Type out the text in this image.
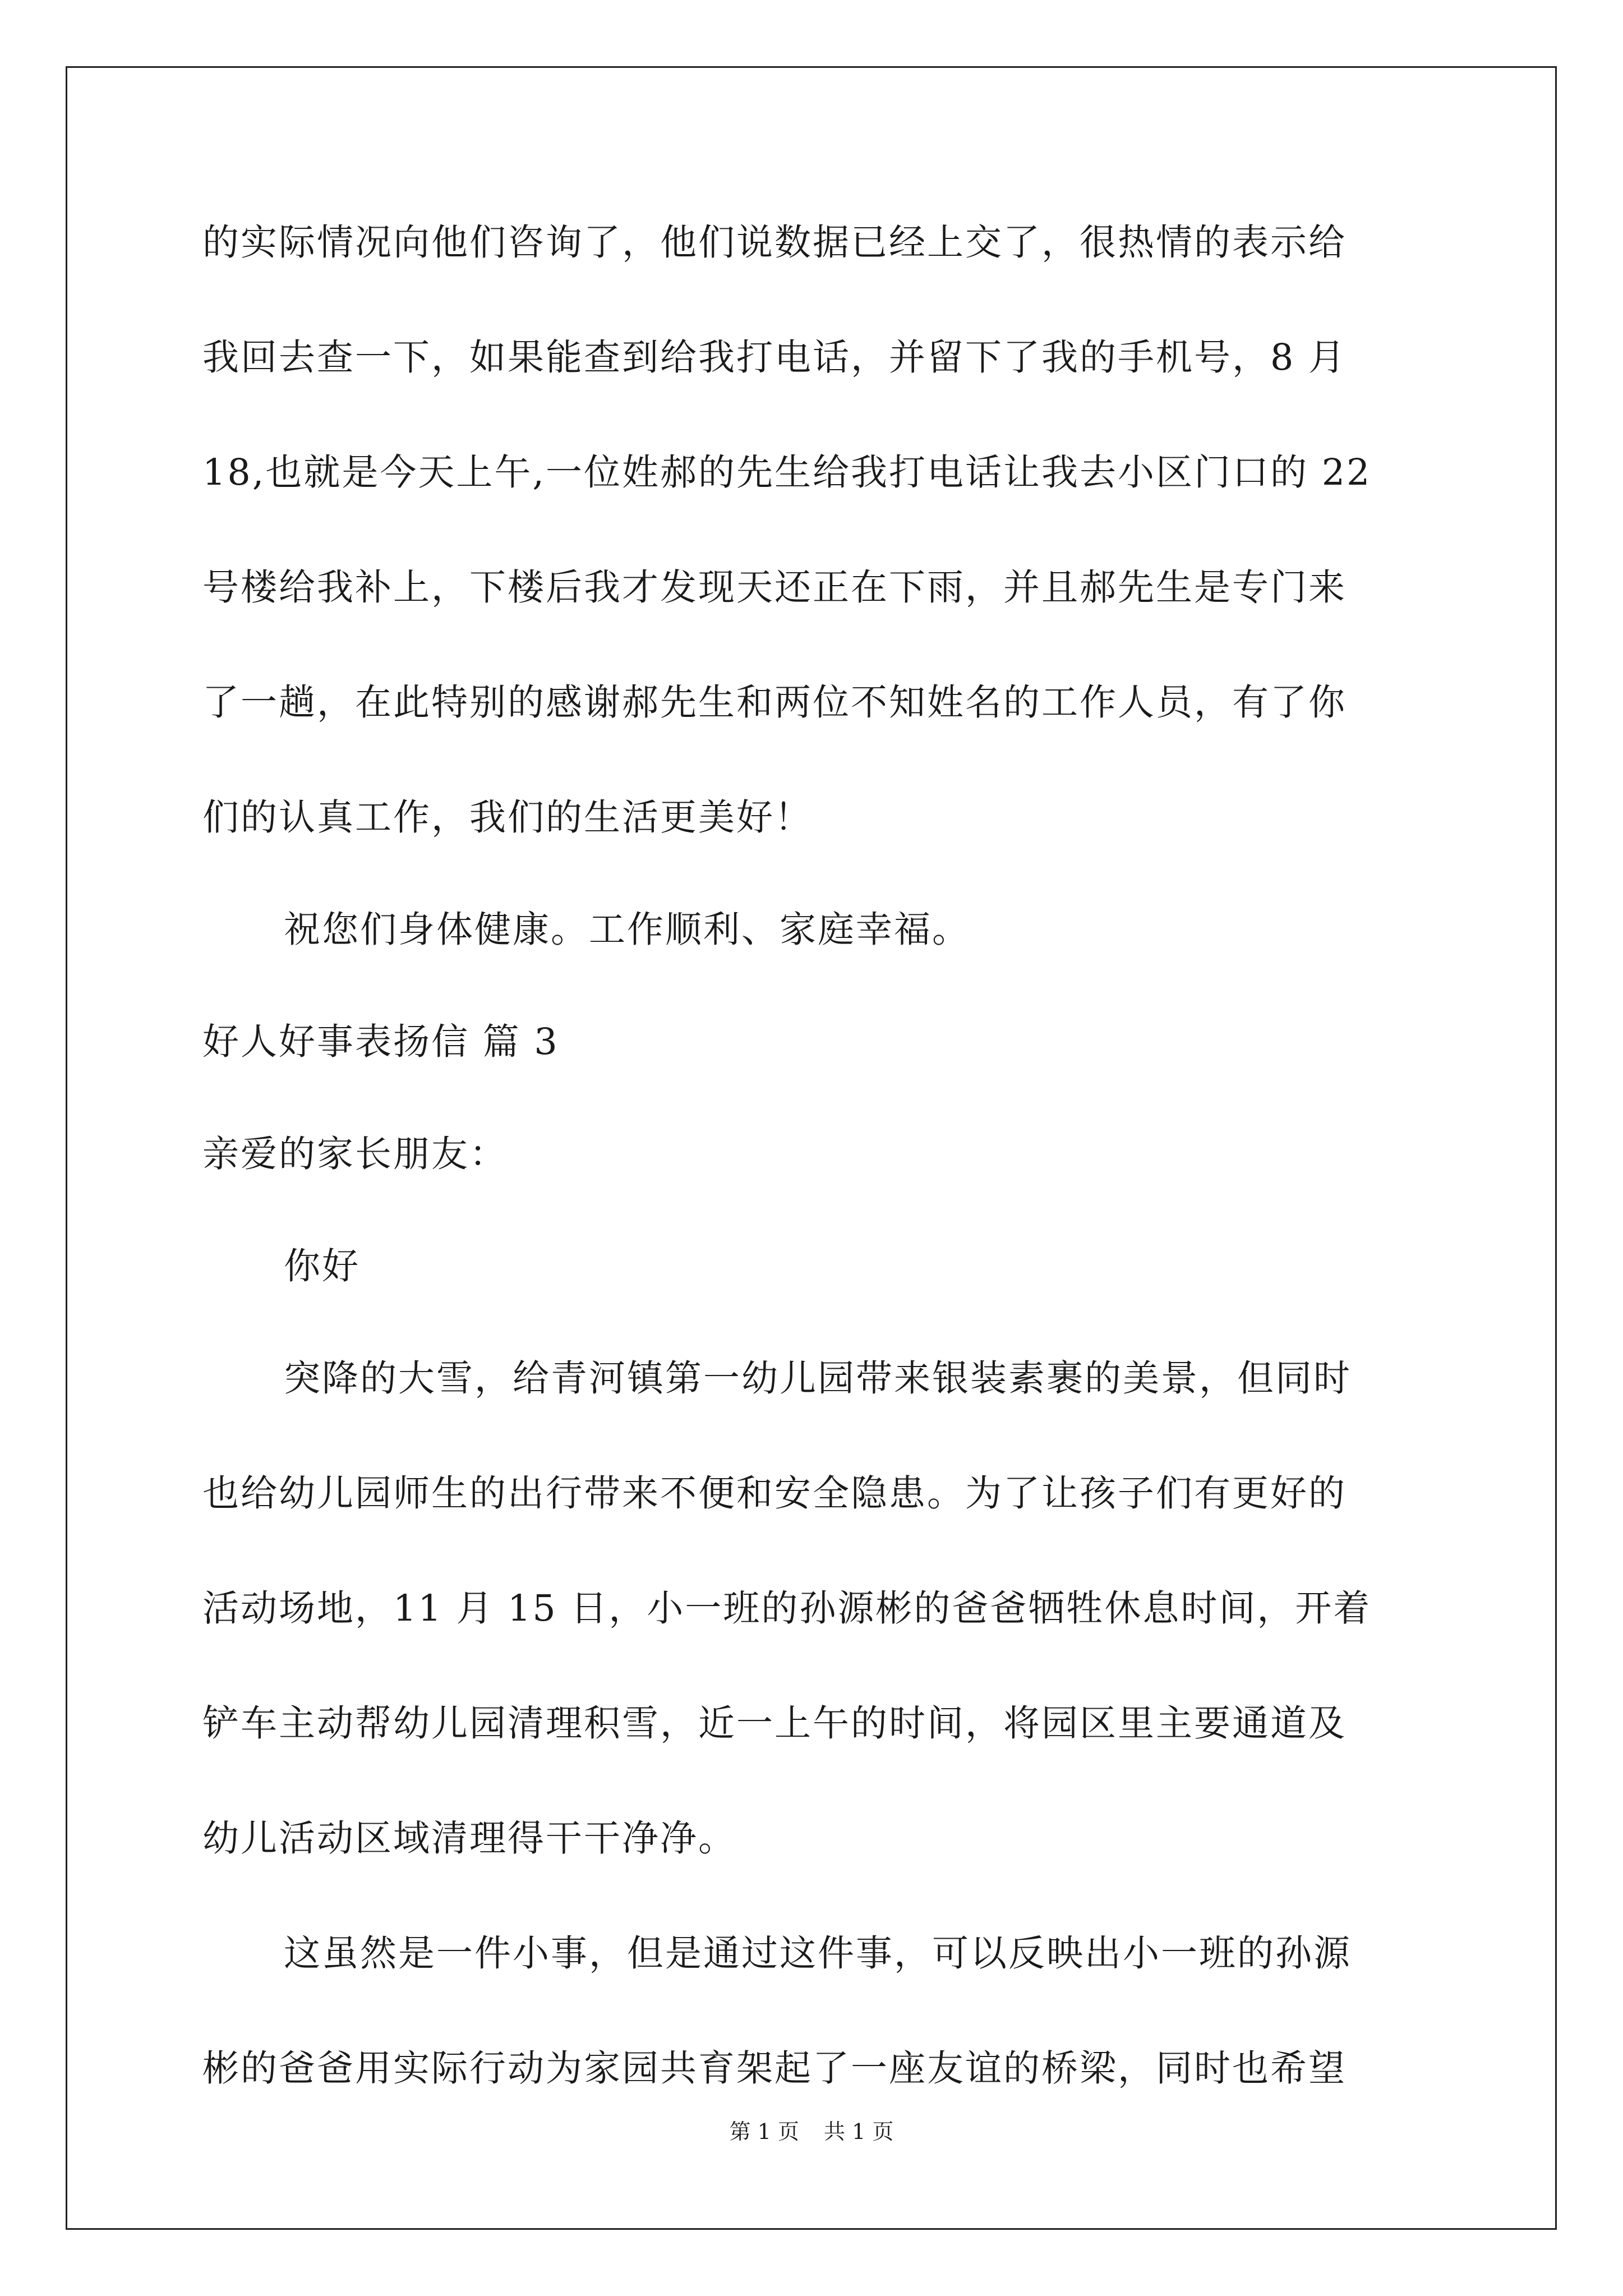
的实际情况向他们咨询了，他们说数据已经上交了，很热情的表示给
我回去查一下，如果能查到给我打电话，并留下了我的手机号，8 月
18,也就是今天上午,一位姓郝的先生给我打电话让我去小区门口的 22
号楼给我补上，下楼后我才发现天还正在下雨，并且郝先生是专门来
了一趟，在此特别的感谢郝先生和两位不知姓名的工作人员，有了你
们的认真工作，我们的生活更美好！
祝您们身体健康。工作顺利、家庭幸福。
好人好事表扬信 篇 3
亲爱的家长朋友：
你好
突降的大雪，给青河镇第一幼儿园带来银装素裹的美景，但同时
也给幼儿园师生的出行带来不便和安全隐患。为了让孩子们有更好的
活动场地，11 月 15 日，小一班的孙源彬的爸爸牺牲休息时间，开着
铲车主动帮幼儿园清理积雪，近一上午的时间，将园区里主要通道及
幼儿活动区域清理得干干净净。
这虽然是一件小事，但是通过这件事，可以反映出小一班的孙源
彬的爸爸用实际行动为家园共育架起了一座友谊的桥梁，同时也希望
第 1 页 共 1 页
